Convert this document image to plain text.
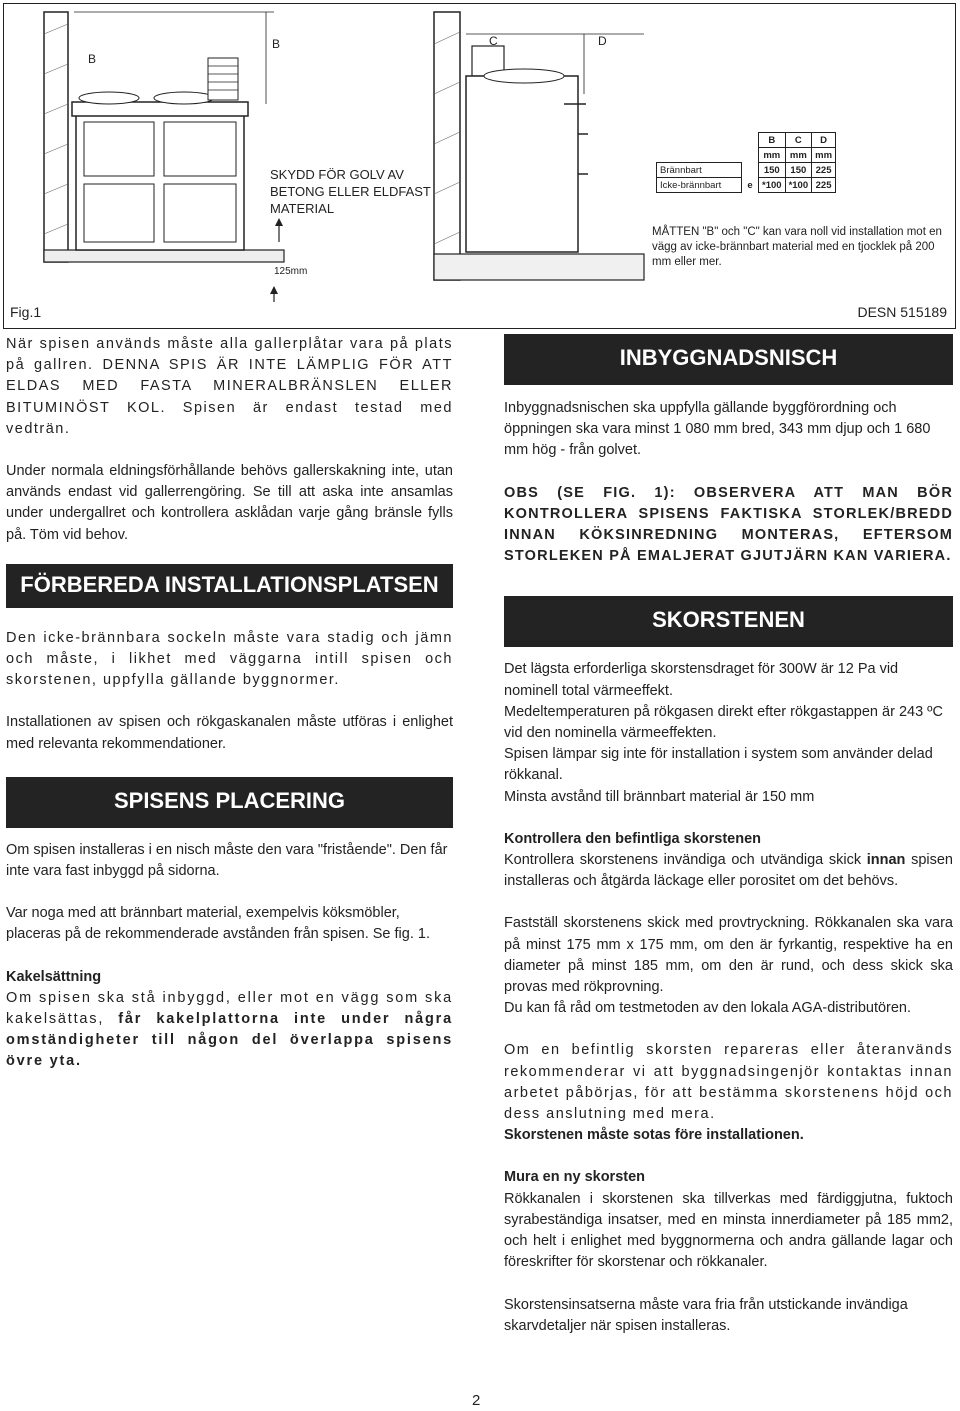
B
B	C	D
125mm
SKYDD FÖR GOLV AV
BETONG ELLER ELDFAST
MATERIAL
		B	C	D
		mm	mm	mm
Brännbart		150	150	225
Icke-brännbart	e	*100	*100	225
MÅTTEN "B" och "C" kan vara noll vid installation mot en vägg av icke-brännbart material med en tjocklek på 200 mm eller mer.
Fig.1	DESN 515189

När spisen används måste alla gallerplåtar vara på plats på gallren. DENNA SPIS ÄR INTE LÄMPLIG FÖR ATT ELDAS MED FASTA MINERALBRÄNSLEN ELLER BITUMINÖST KOL. Spisen är endast testad med vedträn.

Under normala eldningsförhållande behövs gallerskakning inte, utan används endast vid gallerrengöring. Se till att aska inte ansamlas under undergallret och kontrollera asklådan varje gång bränsle fylls på. Töm vid behov.

FÖRBEREDA INSTALLATIONSPLATSEN

Den icke-brännbara sockeln måste vara stadig och jämn och måste, i likhet med väggarna intill spisen och skorstenen, uppfylla gällande byggnormer.

Installationen av spisen och rökgaskanalen måste utföras i enlighet med relevanta rekommendationer.

SPISENS PLACERING

Om spisen installeras i en nisch måste den vara "fristående". Den får inte vara fast inbyggd på sidorna.

Var noga med att brännbart material, exempelvis köksmöbler, placeras på de rekommenderade avstånden från spisen. Se fig. 1.

Kakelsättning

Om spisen ska stå inbyggd, eller mot en vägg som ska kakelsättas, får kakelplattorna inte under några omständigheter till någon del överlappa spisens övre yta.

INBYGGNADSNISCH

Inbyggnadsnischen ska uppfylla gällande byggförordning och öppningen ska vara minst 1 080 mm bred, 343 mm djup och 1 680 mm hög - från golvet.

OBS (SE FIG. 1): OBSERVERA ATT MAN BÖR KONTROLLERA SPISENS FAKTISKA STORLEK/BREDD INNAN KÖKSINREDNING MONTERAS, EFTERSOM STORLEKEN PÅ EMALJERAT GJUTJÄRN KAN VARIERA.

SKORSTENEN

Det lägsta erforderliga skorstensdraget för 300W är 12 Pa vid nominell total värmeeffekt.

Medeltemperaturen på rökgasen direkt efter rökgastappen är 243 ºC vid den nominella värmeeffekten.

Spisen lämpar sig inte för installation i system som använder delad rökkanal.

Minsta avstånd till brännbart material är 150 mm

Kontrollera den befintliga skorstenen

Kontrollera skorstenens invändiga och utvändiga skick innan spisen installeras och åtgärda läckage eller porositet om det behövs.

Fastställ skorstenens skick med provtryckning. Rökkanalen ska vara på minst 175 mm x 175 mm, om den är fyrkantig, respektive ha en diameter på minst 185 mm, om den är rund, och dess skick ska provas med rökprovning.

Du kan få råd om testmetoden av den lokala AGA-distributören.

Om en befintlig skorsten repareras eller återanvänds rekommenderar vi att byggnadsingenjör kontaktas innan arbetet påbörjas, för att bestämma skorstenens höjd och dess anslutning med mera.

Skorstenen måste sotas före installationen.

Mura en ny skorsten

Rökkanalen i skorstenen ska tillverkas med färdiggjutna, fuktoch syrabeständiga insatser, med en minsta innerdiameter på 185 mm2, och helt i enlighet med byggnormerna och andra gällande lagar och föreskrifter för skorstenar och rökkanaler.

Skorstensinsatserna måste vara fria från utstickande invändiga skarvdetaljer när spisen installeras.

2
